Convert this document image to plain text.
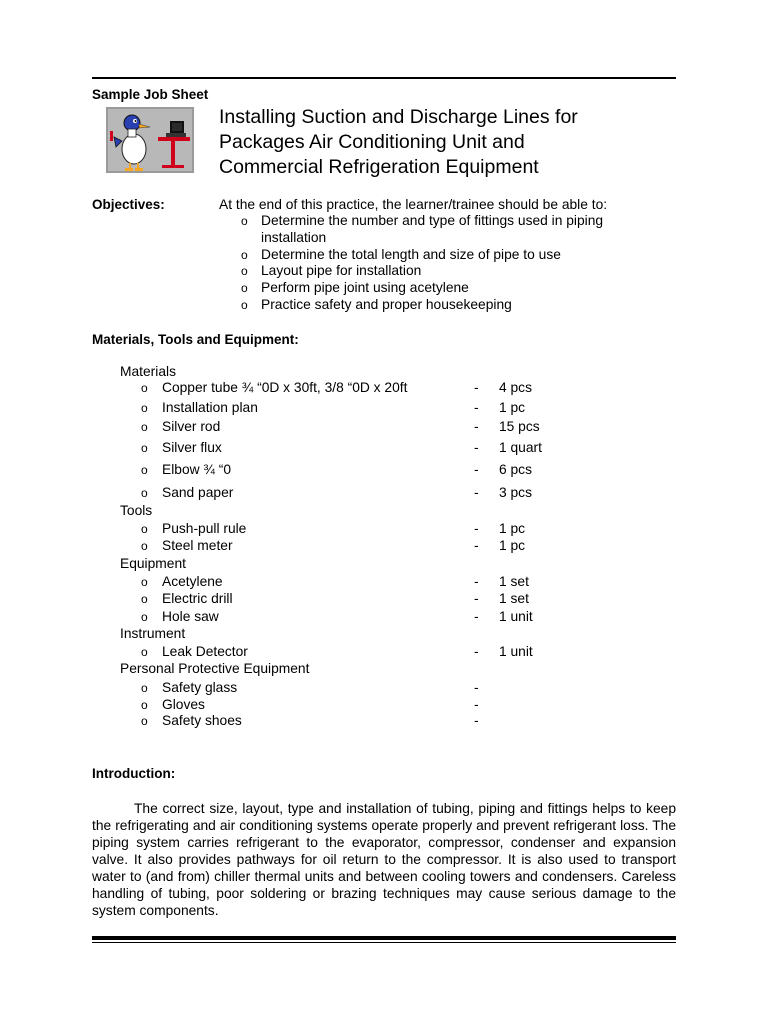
Sample Job Sheet
Installing Suction and Discharge Lines for
Packages Air Conditioning Unit and
Commercial Refrigeration Equipment
Objectives:	At the end of this practice, the learner/trainee should be able to:
o Determine the number and type of fittings used in piping installation
o Determine the total length and size of pipe to use
o Layout pipe for installation
o Perform pipe joint using acetylene
o Practice safety and proper housekeeping
Materials, Tools and Equipment:
Materials
o Copper tube ¾ “0D x 30ft, 3/8 “0D x 20ft	- 4 pcs
o Installation plan	- 1 pc
o Silver rod	- 15 pcs
o Silver flux	- 1 quart
o Elbow ¾ “0	- 6 pcs
o Sand paper	- 3 pcs
Tools
o Push-pull rule	- 1 pc
o Steel meter	- 1 pc
Equipment
o Acetylene	- 1 set
o Electric drill	- 1 set
o Hole saw	- 1 unit
Instrument
o Leak Detector	- 1 unit
Personal Protective Equipment
o Safety glass	-
o Gloves	-
o Safety shoes	-
Introduction:

The correct size, layout, type and installation of tubing, piping and fittings helps to keep the refrigerating and air conditioning systems operate properly and prevent refrigerant loss. The piping system carries refrigerant to the evaporator, compressor, condenser and expansion valve. It also provides pathways for oil return to the compressor. It is also used to transport water to (and from) chiller thermal units and between cooling towers and condensers. Careless handling of tubing, poor soldering or brazing techniques may cause serious damage to the system components.
